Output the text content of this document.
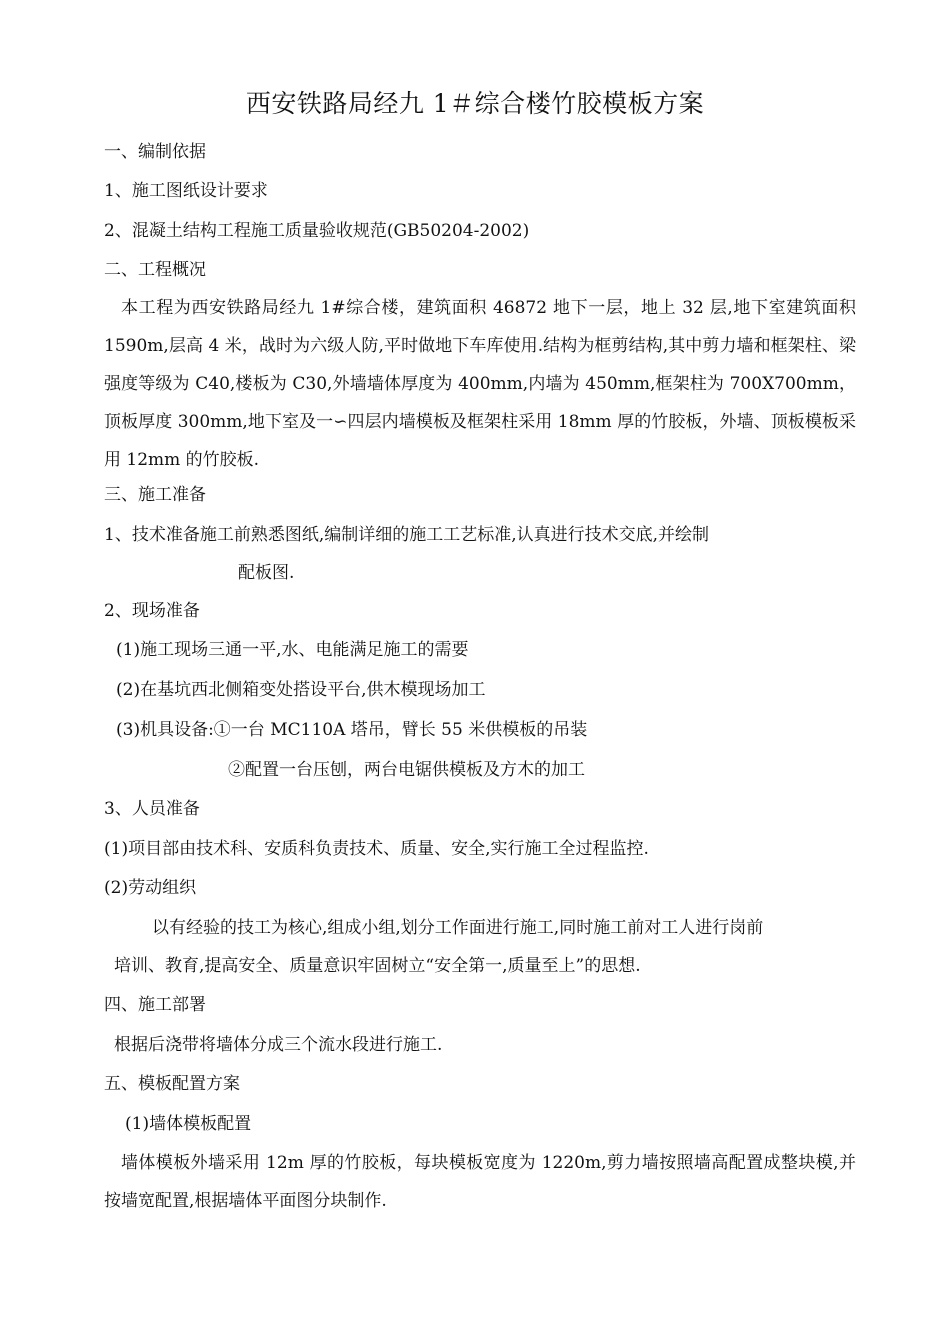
西安铁路局经九 1＃综合楼竹胶模板方案
一、编制依据
1、施工图纸设计要求
2、混凝土结构工程施工质量验收规范(GB50204-2002)
二、工程概况
本工程为西安铁路局经九 1#综合楼，建筑面积 46872 地下一层，地上 32 层,地下室建筑面积 1590m,层高 4 米，战时为六级人防,平时做地下车库使用.结构为框剪结构,其中剪力墙和框架柱、梁强度等级为 C40,楼板为 C30,外墙墙体厚度为 400mm,内墙为 450mm,框架柱为 700X700mm，顶板厚度 300mm,地下室及一∽四层内墙模板及框架柱采用 18mm 厚的竹胶板，外墙、顶板模板采用 12mm 的竹胶板.
三、施工准备
1、技术准备施工前熟悉图纸,编制详细的施工工艺标准,认真进行技术交底,并绘制
配板图.
2、现场准备
(1)施工现场三通一平,水、电能满足施工的需要
(2)在基坑西北侧箱变处搭设平台,供木模现场加工
(3)机具设备:①一台 MC110A 塔吊，臂长 55 米供模板的吊装
②配置一台压刨，两台电锯供模板及方木的加工
3、人员准备
(1)项目部由技术科、安质科负责技术、质量、安全,实行施工全过程监控.
(2)劳动组织
以有经验的技工为核心,组成小组,划分工作面进行施工,同时施工前对工人进行岗前
培训、教育,提高安全、质量意识牢固树立“安全第一,质量至上”的思想.
四、施工部署
根据后浇带将墙体分成三个流水段进行施工.
五、模板配置方案
(1)墙体模板配置
墙体模板外墙采用 12m 厚的竹胶板，每块模板宽度为 1220m,剪力墙按照墙高配置成整块模,并按墙宽配置,根据墙体平面图分块制作.
